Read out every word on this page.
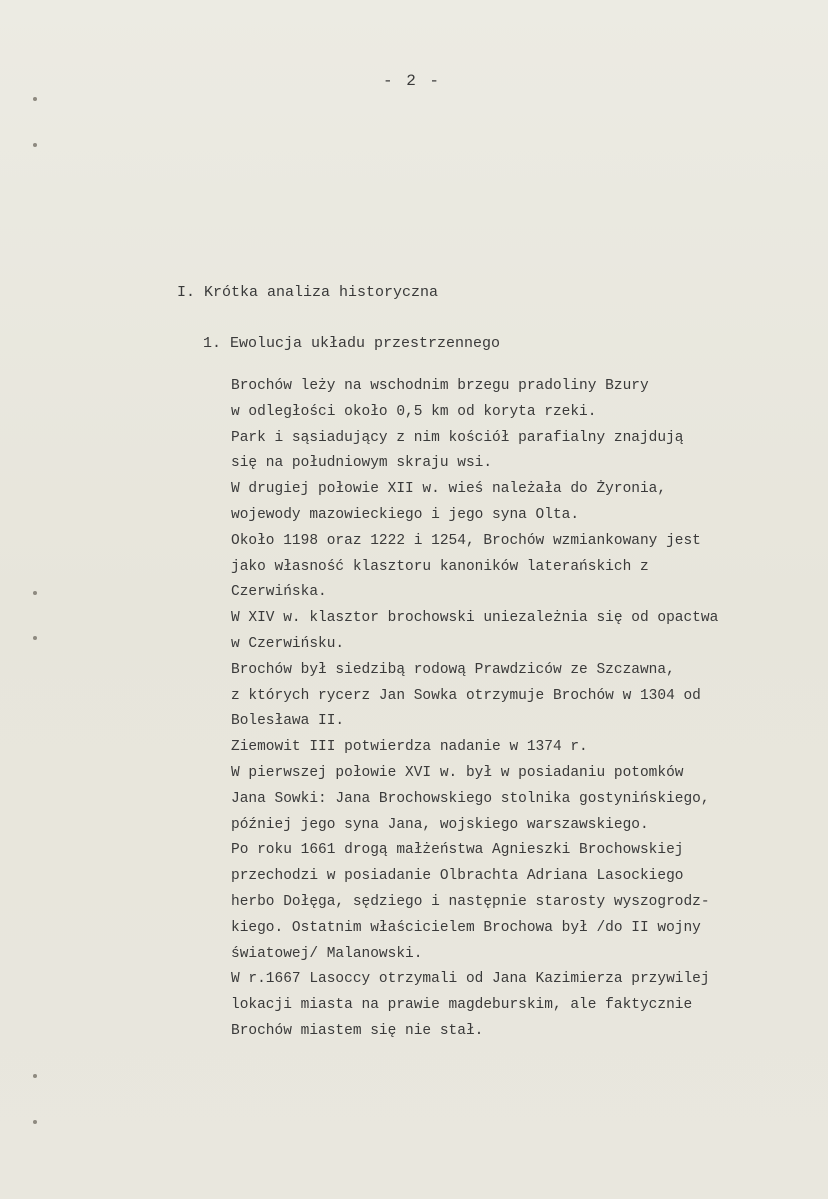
- 2 -
I. Krótka analiza historyczna
1. Ewolucja układu przestrzennego
Brochów leży na wschodnim brzegu pradoliny Bzury
w odległości około 0,5 km od koryta rzeki.
Park i sąsiadujący z nim kościół parafialny znajdują
się na południowym skraju wsi.
W drugiej połowie XII w. wieś należała do Żyronia,
wojewody mazowieckiego i jego syna Olta.
Około 1198 oraz 1222 i 1254, Brochów wzmiankowany jest
jako własność klasztoru kanoników laterańskich z
Czerwińska.
W XIV w. klasztor brochowski uniezależnia się od opactwa
w Czerwińsku.
Brochów był siedzibą rodową Prawdziców ze Szczawna,
z których rycerz Jan Sowka otrzymuje Brochów w 1304 od
Bolesława II.
Ziemowit III potwierdza nadanie w 1374 r.
W pierwszej połowie XVI w. był w posiadaniu potomków
Jana Sowki: Jana Brochowskiego stolnika gostynińskiego,
później jego syna Jana, wojskiego warszawskiego.
Po roku 1661 drogą małżeństwa Agnieszki Brochowskiej
przechodzi w posiadanie Olbrachta Adriana Lasockiego
herbo Dołęga, sędziego i następnie starosty wyszogrodz-
kiego. Ostatnim właścicielem Brochowa był /do II wojny
światowej/ Malanowski.
W r.1667 Lasoccy otrzymali od Jana Kazimierza przywilej
lokacji miasta na prawie magdeburskim, ale faktycznie
Brochów miastem się nie stał.
